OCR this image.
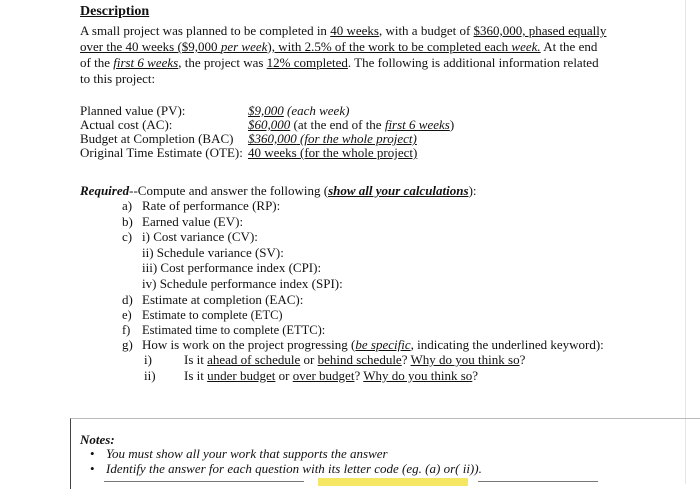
Description
A small project was planned to be completed in 40 weeks, with a budget of $360,000, phased equally
over the 40 weeks ($9,000 per week), with 2.5% of the work to be completed each week. At the end
of the first 6 weeks, the project was 12% completed. The following is additional information related
to this project:
Planned value (PV):	$9,000 (each week)
Actual cost (AC):	$60,000 (at the end of the first 6 weeks)
Budget at Completion (BAC)	$360,000 (for the whole project)
Original Time Estimate (OTE): 40 weeks (for the whole project)
Required--Compute and answer the following (show all your calculations):
a) Rate of performance (RP):
b) Earned value (EV):
c) i) Cost variance (CV):
ii) Schedule variance (SV):
iii) Cost performance index (CPI):
iv) Schedule performance index (SPI):
d) Estimate at completion (EAC):
e) Estimate to complete (ETC)
f) Estimated time to complete (ETTC):
g) How is work on the project progressing (be specific, indicating the underlined keyword):
i) Is it ahead of schedule or behind schedule? Why do you think so?
ii) Is it under budget or over budget? Why do you think so?
Notes:
• You must show all your work that supports the answer
• Identify the answer for each question with its letter code (eg. (a) or( ii)).
